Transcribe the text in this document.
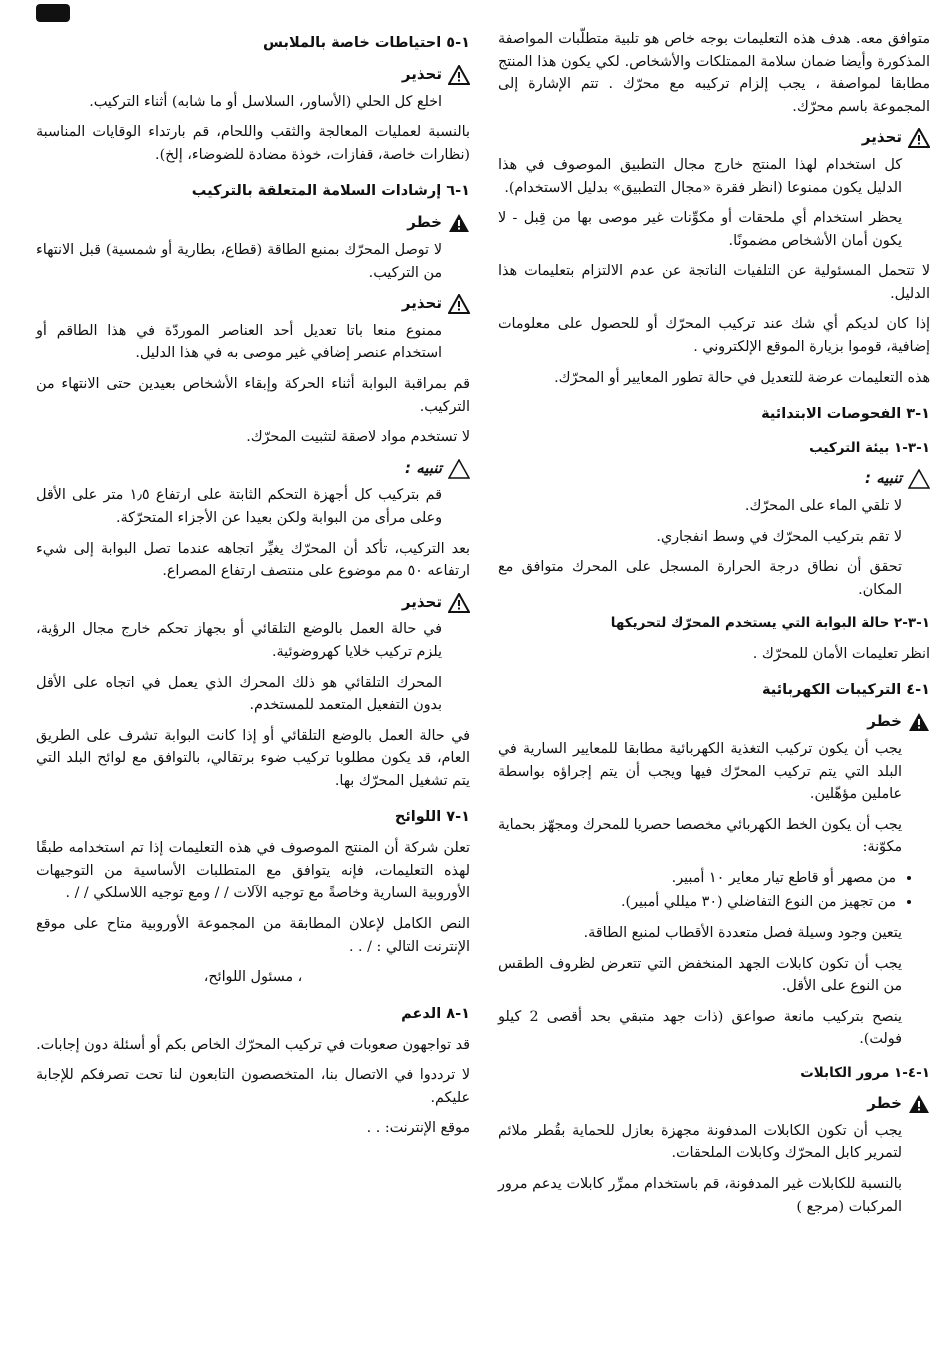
متوافق معه. هدف هذه التعليمات بوجه خاص هو تلبية متطلّبات المواصفة المذكورة وأيضا ضمان سلامة الممتلكات والأشخاص. لكي يكون هذا المنتج مطابقا لمواصفة ، يجب إلزام تركيبه مع محرّك . تتم الإشارة إلى المجموعة باسم محرّك.

تحذير

كل استخدام لهذا المنتج خارج مجال التطبيق الموصوف في هذا الدليل يكون ممنوعا (انظر فقرة «مجال التطبيق» بدليل الاستخدام).

يحظر استخدام أي ملحقات أو مكوِّنات غير موصى بها من قِبل - لا يكون أمان الأشخاص مضمونًا.

لا تتحمل المسئولية عن التلفيات الناتجة عن عدم الالتزام بتعليمات هذا الدليل.

إذا كان لديكم أي شك عند تركيب المحرّك أو للحصول على معلومات إضافية، قوموا بزيارة الموقع الإلكتروني .

هذه التعليمات عرضة للتعديل في حالة تطور المعايير أو المحرّك.

١-٣ الفحوصات الابتدائية
١-٣-١ بيئة التركيب
تنبيه :

لا تلقي الماء على المحرّك.

لا تقم بتركيب المحرّك في وسط انفجاري.

تحقق أن نطاق درجة الحرارة المسجل على المحرك متوافق مع المكان.

١-٣-٢ حالة البوابة التي يستخدم المحرّك لتحريكها

انظر تعليمات الأمان للمحرّك .

١-٤ التركيبات الكهربائية
خطر

يجب أن يكون تركيب التغذية الكهربائية مطابقا للمعايير السارية في البلد التي يتم تركيب المحرّك فيها ويجب أن يتم إجراؤه بواسطة عاملين مؤهّلين.

يجب أن يكون الخط الكهربائي مخصصا حصريا للمحرك ومجهّز بحماية مكوّنة:

• من مصهر أو قاطع تيار معاير ١٠ أمبير.
• من تجهيز من النوع التفاضلي (٣٠ ميللي أمبير).

يتعين وجود وسيلة فصل متعددة الأقطاب لمنبع الطاقة.

يجب أن تكون كابلات الجهد المنخفض التي تتعرض لظروف الطقس من النوع على الأقل.

ينصح بتركيب مانعة صواعق (ذات جهد متبقي بحد أقصى 2 كيلو فولت).

١-٤-١ مرور الكابلات
خطر

يجب أن تكون الكابلات المدفونة مجهزة بعازل للحماية بقُطر ملائم لتمرير كابل المحرّك وكابلات الملحقات.

بالنسبة للكابلات غير المدفونة، قم باستخدام ممرِّر كابلات يدعم مرور المركبات (مرجع )

١-٥ احتياطات خاصة بالملابس
تحذير

اخلع كل الحلي (الأساور، السلاسل أو ما شابه) أثناء التركيب.

بالنسبة لعمليات المعالجة والثقب واللحام، قم بارتداء الوقايات المناسبة (نظارات خاصة، قفازات، خوذة مضادة للضوضاء، إلخ).

١-٦ إرشادات السلامة المتعلقة بالتركيب
خطر

لا توصل المحرّك بمنبع الطاقة (قطاع، بطارية أو شمسية) قبل الانتهاء من التركيب.

تحذير

ممنوع منعا باتا تعديل أحد العناصر الموردّة في هذا الطاقم أو استخدام عنصر إضافي غير موصى به في هذا الدليل.

قم بمراقبة البوابة أثناء الحركة وإبقاء الأشخاص بعيدين حتى الانتهاء من التركيب.

لا تستخدم مواد لاصقة لتثبيت المحرّك.

تنبيه :

قم بتركيب كل أجهزة التحكم الثابتة على ارتفاع ١٫٥ متر على الأقل وعلى مرأى من البوابة ولكن بعيدا عن الأجزاء المتحرّكة.

بعد التركيب، تأكد أن المحرّك يغيِّر اتجاهه عندما تصل البوابة إلى شيء ارتفاعه ٥٠ مم موضوع على منتصف ارتفاع المصراع.

تحذير

في حالة العمل بالوضع التلقائي أو بجهاز تحكم خارج مجال الرؤية، يلزم تركيب خلايا كهروضوئية.

المحرك التلقائي هو ذلك المحرك الذي يعمل في اتجاه على الأقل بدون التفعيل المتعمد للمستخدم.

في حالة العمل بالوضع التلقائي أو إذا كانت البوابة تشرف على الطريق العام، قد يكون مطلوبا تركيب ضوء برتقالي، بالتوافق مع لوائح البلد التي يتم تشغيل المحرّك بها.

١-٧ اللوائح

تعلن شركة أن المنتج الموصوف في هذه التعليمات إذا تم استخدامه طبقًا لهذه التعليمات، فإنه يتوافق مع المتطلبات الأساسية من التوجيهات الأوروبية السارية وخاصةً مع توجيه الآلات / / ومع توجيه اللاسلكي / / .

النص الكامل لإعلان المطابقة من المجموعة الأوروبية متاح على موقع الإنترنت التالي : / . .

، مسئول اللوائح،

١-٨ الدعم

قد تواجهون صعوبات في تركيب المحرّك الخاص بكم أو أسئلة دون إجابات.

لا ترددوا في الاتصال بنا، المتخصصون التابعون لنا تحت تصرفكم للإجابة عليكم.

موقع الإنترنت: . .
